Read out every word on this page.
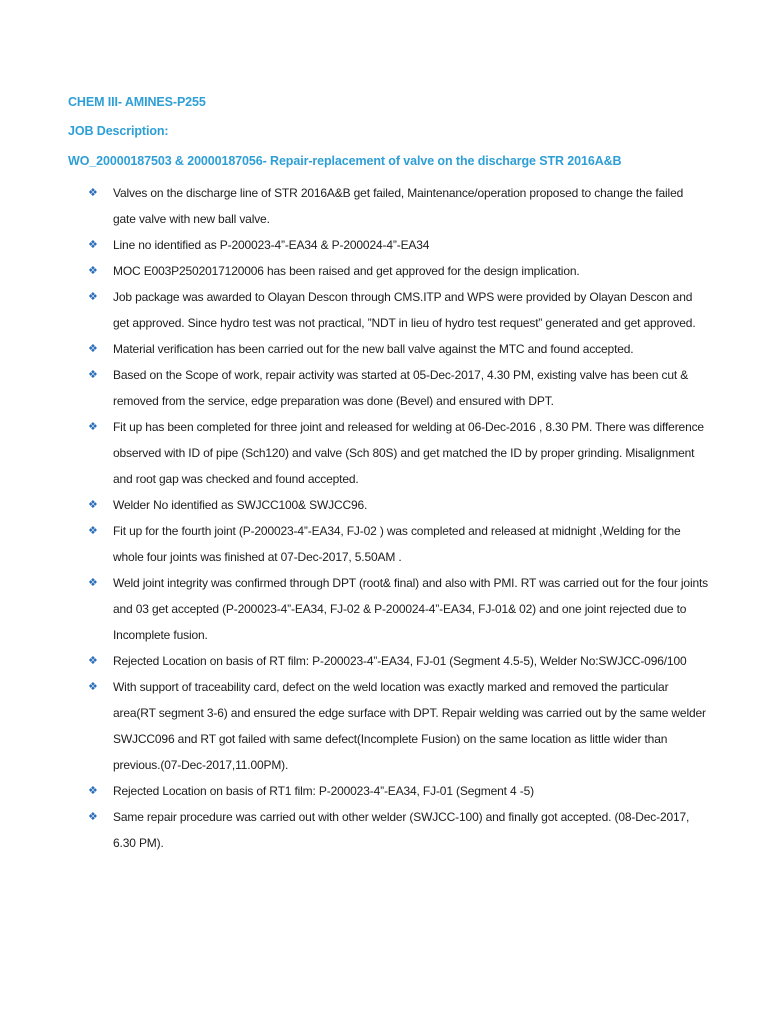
CHEM III- AMINES-P255
JOB Description:
WO_20000187503 & 20000187056- Repair-replacement of valve on the discharge STR 2016A&B
❖ Valves on the discharge line of STR 2016A&B get failed, Maintenance/operation proposed to change the failed gate valve with new ball valve.
❖ Line no identified as P-200023-4”-EA34 & P-200024-4”-EA34
❖ MOC E003P2502017120006 has been raised and get approved for the design implication.
❖ Job package was awarded to Olayan Descon through CMS.ITP and WPS were provided by Olayan Descon and get approved. Since hydro test was not practical, ”NDT in lieu of hydro test request” generated and get approved.
❖ Material verification has been carried out for the new ball valve against the MTC and found accepted.
❖ Based on the Scope of work, repair activity was started at 05-Dec-2017, 4.30 PM, existing valve has been cut & removed from the service, edge preparation was done (Bevel) and ensured with DPT.
❖ Fit up has been completed for three joint and released for welding at 06-Dec-2016 , 8.30 PM. There was difference observed with ID of pipe (Sch120) and valve (Sch 80S) and get matched the ID by proper grinding. Misalignment and root gap was checked and found accepted.
❖ Welder No identified as SWJCC100& SWJCC96.
❖ Fit up for the fourth joint (P-200023-4”-EA34, FJ-02 ) was completed and released at midnight ,Welding for the whole four joints was finished at 07-Dec-2017, 5.50AM .
❖ Weld joint integrity was confirmed through DPT (root& final) and also with PMI. RT was carried out for the four joints and 03 get accepted (P-200023-4”-EA34, FJ-02 & P-200024-4”-EA34, FJ-01& 02) and one joint rejected due to Incomplete fusion.
❖ Rejected Location on basis of RT film: P-200023-4”-EA34, FJ-01 (Segment 4.5-5), Welder No:SWJCC-096/100
❖ With support of traceability card, defect on the weld location was exactly marked and removed the particular area(RT segment 3-6) and ensured the edge surface with DPT. Repair welding was carried out by the same welder SWJCC096 and RT got failed with same defect(Incomplete Fusion) on the same location as little wider than previous.(07-Dec-2017,11.00PM).
❖ Rejected Location on basis of RT1 film: P-200023-4”-EA34, FJ-01 (Segment 4 -5)
❖ Same repair procedure was carried out with other welder (SWJCC-100) and finally got accepted. (08-Dec-2017, 6.30 PM).
